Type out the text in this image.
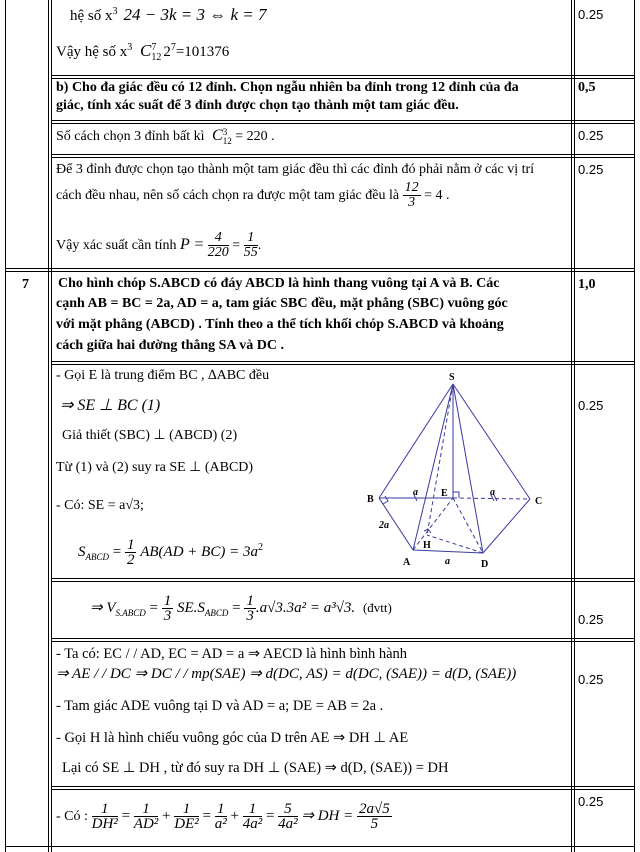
hệ số $x^3$ 24 − 3k = 3 ⇔ k = 7
Vậy hệ số $x^3$ C 7
12 $2^7=101376$
0.25
b) Cho đa giác đều có 12 đỉnh. Chọn ngẫu nhiên ba đỉnh trong 12 đỉnh của đa
giác, tính xác suất để 3 đỉnh được chọn tạo thành một tam giác đều.
0,5
Số cách chọn 3 đỉnh bất kì C 3
12 = 220 .	0.25
Để 3 đỉnh được chọn tạo thành một tam giác đều thì các đỉnh đó phải nằm ở các vị trí
cách đều nhau, nên số cách chọn ra được một tam giác đều là $\frac{12}{3} = 4$ .
Vậy xác suất cần tính $P = \frac{4}{220} = \frac{1}{55}$ .
0.25
7 Cho hình chóp S.ABCD có đáy ABCD là hình thang vuông tại A và B. Các
cạnh AB = BC = 2a, AD = a, tam giác SBC đều, mặt phẳng (SBC) vuông góc
với mặt phẳng (ABCD) . Tính theo a thể tích khối chóp S.ABCD và khoảng
cách giữa hai đường thẳng SA và DC .
1,0
- Gọi E là trung điểm BC , ∆ABC đều
⇒ SE ⊥ BC (1)
Giả thiết (SBC) ⊥ (ABCD) (2)
Từ (1) và (2) suy ra SE ⊥ (ABCD)
- Có: SE = a√3;
$S_{ABCD} = \frac{1}{2} AB(AD + BC) = 3a^2$
0.25
S
B	C
E
A	D
H
a	a
a
2a
⇒ $V_{S.ABCD} = \frac{1}{3} SE.S_{ABCD} = \frac{1}{3} .a√3.3a^2 = a^3√3$. (đvtt)
0.25
- Ta có: EC / / AD, EC = AD = a ⇒ AECD là hình bình hành
⇒ AE / / DC ⇒ DC / / mp(SAE) ⇒ d(DC, AS) = d(DC, (SAE)) = d(D, (SAE))
- Tam giác ADE vuông tại D và AD = a; DE = AB = 2a .
- Gọi H là hình chiếu vuông góc của D trên AE ⇒ DH ⊥ AE
Lại có SE ⊥ DH , từ đó suy ra DH ⊥ (SAE) ⇒ d(D, (SAE)) = DH
0.25
- Có : $\frac{1}{\text{DH²}} = \frac{1}{\text{AD²}} + \frac{1}{\text{DE²}} = \frac{1}{\text{a²}} + \frac{1}{\text{4a²}} = \frac{5}{\text{4a²}}$ ⇒ DH = $\frac{2a√5}{5}$
0.25
